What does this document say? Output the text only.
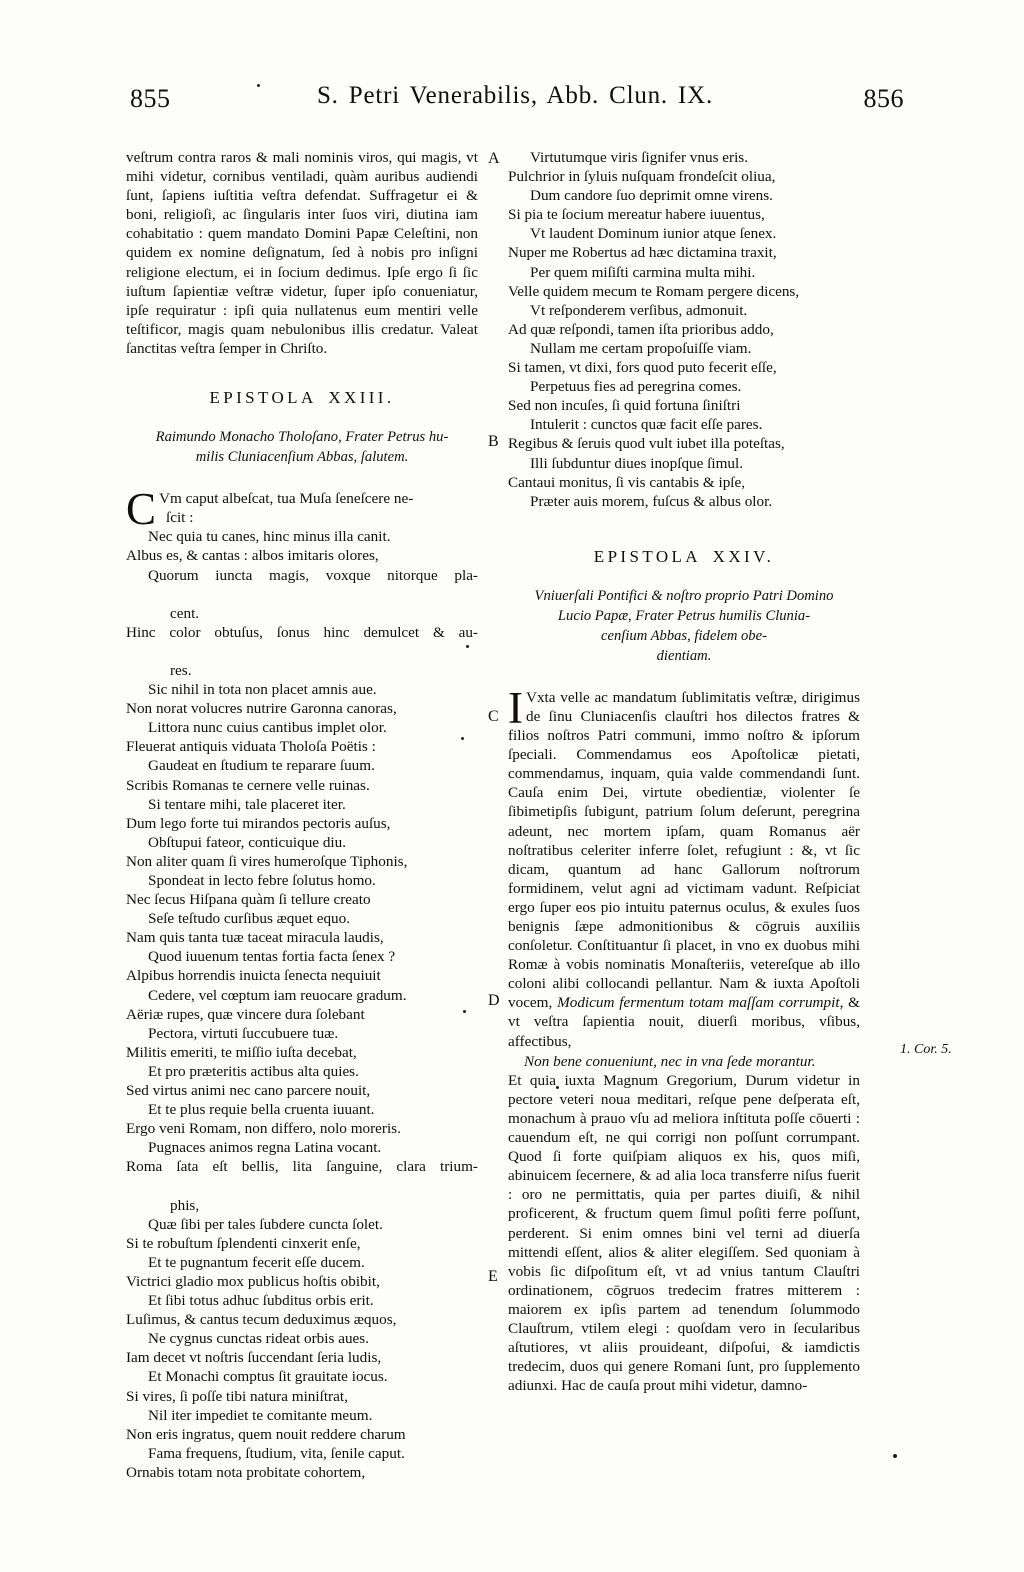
855	S. Petri Venerabilis, Abb. Clun. IX.	856
A
B
C
D
E
1. Cor. 5.

veſtrum contra raros & mali nominis viros, qui magis, vt mihi videtur, cornibus ventiladi, quàm auribus audiendi ſunt, ſapiens iuſtitia veſtra defendat. Suffragetur ei & boni, religioſi, ac ſingularis inter ſuos viri, diutina iam cohabitatio : quem mandato Domini Papæ Celeſtini, non quidem ex nomine deſignatum, ſed à nobis pro inſigni religione electum, ei in ſocium dedimus. Ipſe ergo ſi ſic iuſtum ſapientiæ veſtræ videtur, ſuper ipſo conueniatur, ipſe requiratur : ipſi quia nullatenus eum mentiri velle teſtificor, magis quam nebulonibus illis credatur. Valeat ſanctitas veſtra ſemper in Chriſto.

EPISTOLA XXIII.
Raimundo Monacho Tholoſano, Frater Petrus hu-
milis Cluniacenſium Abbas, ſalutem.
C Vm caput albeſcat, tua Muſa ſeneſcere ne-
ſcit :
Nec quia tu canes, hinc minus illa canit.
Albus es, & cantas : albos imitaris olores,
Quorum iuncta magis, voxque nitorque pla-
cent.
Hinc color obtuſus, ſonus hinc demulcet & au-
res.
Sic nihil in tota non placet amnis aue.
Non norat volucres nutrire Garonna canoras,
Littora nunc cuius cantibus implet olor.
Fleuerat antiquis viduata Tholoſa Poëtis :
Gaudeat en ſtudium te reparare ſuum.
Scribis Romanas te cernere velle ruinas.
Si tentare mihi, tale placeret iter.
Dum lego forte tui mirandos pectoris auſus,
Obſtupui fateor, conticuique diu.
Non aliter quam ſi vires humeroſque Tiphonis,
Spondeat in lecto febre ſolutus homo.
Nec ſecus Hiſpana quàm ſi tellure creato
Seſe teſtudo curſibus æquet equo.
Nam quis tanta tuæ taceat miracula laudis,
Quod iuuenum tentas fortia facta ſenex ?
Alpibus horrendis inuicta ſenecta nequiuit
Cedere, vel cœptum iam reuocare gradum.
Aëriæ rupes, quæ vincere dura ſolebant
Pectora, virtuti ſuccubuere tuæ.
Militis emeriti, te miſſio iuſta decebat,
Et pro præteritis actibus alta quies.
Sed virtus animi nec cano parcere nouit,
Et te plus requie bella cruenta iuuant.
Ergo veni Romam, non differo, nolo moreris.
Pugnaces animos regna Latina vocant.
Roma ſata eſt bellis, lita ſanguine, clara trium-
phis,
Quæ ſibi per tales ſubdere cuncta ſolet.
Si te robuſtum ſplendenti cinxerit enſe,
Et te pugnantum fecerit eſſe ducem.
Victrici gladio mox publicus hoſtis obibit,
Et ſibi totus adhuc ſubditus orbis erit.
Luſimus, & cantus tecum deduximus æquos,
Ne cygnus cunctas rideat orbis aues.
Iam decet vt noſtris ſuccendant ſeria ludis,
Et Monachi comptus ſit grauitate iocus.
Si vires, ſi poſſe tibi natura miniſtrat,
Nil iter impediet te comitante meum.
Non eris ingratus, quem nouit reddere charum
Fama frequens, ſtudium, vita, ſenile caput.
Ornabis totam nota probitate cohortem,
Virtutumque viris ſignifer vnus eris.
Pulchrior in ſyluis nuſquam frondeſcit oliua,
Dum candore ſuo deprimit omne virens.
Si pia te ſocium mereatur habere iuuentus,
Vt laudent Dominum iunior atque ſenex.
Nuper me Robertus ad hæc dictamina traxit,
Per quem miſiſti carmina multa mihi.
Velle quidem mecum te Romam pergere dicens,
Vt reſponderem verſibus, admonuit.
Ad quæ reſpondi, tamen iſta prioribus addo,
Nullam me certam propoſuiſſe viam.
Si tamen, vt dixi, fors quod puto fecerit eſſe,
Perpetuus fies ad peregrina comes.
Sed non incuſes, ſi quid fortuna ſiniſtri
Intulerit : cunctos quæ facit eſſe pares.
Regibus & ſeruis quod vult iubet illa poteſtas,
Illi ſubduntur diues inopſque ſimul.
Cantaui monitus, ſi vis cantabis & ipſe,
Præter auis morem, fuſcus & albus olor.
EPISTOLA XXIV.
Vniuerſali Pontifici & noſtro proprio Patri Domino
Lucio Papæ, Frater Petrus humilis Clunia-
cenſium Abbas, fidelem obe-
dientiam.
I Vxta velle ac mandatum ſublimitatis veſtræ, dirigimus de ſinu Cluniacenſis clauſtri hos dilectos fratres & filios noſtros Patri communi, immo noſtro & ipſorum ſpeciali. Commendamus eos Apoſtolicæ pietati, commendamus, inquam, quia valde commendandi ſunt. Cauſa enim Dei, virtute obedientiæ, violenter ſe ſibimetipſis ſubigunt, patrium ſolum deſerunt, peregrina adeunt, nec mortem ipſam, quam Romanus aër noſtratibus celeriter inferre ſolet, refugiunt : &, vt ſic dicam, quantum ad hanc Gallorum noſtrorum formidinem, velut agni ad victimam vadunt. Reſpiciat ergo ſuper eos pio intuitu paternus oculus, & exules ſuos benignis ſæpe admonitionibus & cōgruis auxiliis conſoletur. Conſtituantur ſi placet, in vno ex duobus mihi Romæ à vobis nominatis Monaſteriis, vetereſque ab illo coloni alibi collocandi pellantur. Nam & iuxta Apoſtoli vocem, Modicum fermentum totam maſſam corrumpit, & vt veſtra ſapientia nouit, diuerſi moribus, vſibus, affectibus,

Non bene conueniunt, nec in vna ſede morantur.

Et quia iuxta Magnum Gregorium, Durum videtur in pectore veteri noua meditari, reſque pene deſperata eſt, monachum à prauo vſu ad meliora inſtituta poſſe cōuerti : cauendum eſt, ne qui corrigi non poſſunt corrumpant. Quod ſi forte quiſpiam aliquos ex his, quos miſi, abinuicem ſecernere, & ad alia loca transferre niſus fuerit : oro ne permittatis, quia per partes diuiſi, & nihil proficerent, & fructum quem ſimul poſiti ferre poſſunt, perderent. Si enim omnes bini vel terni ad diuerſa mittendi eſſent, alios & aliter elegiſſem. Sed quoniam à vobis ſic diſpoſitum eſt, vt ad vnius tantum Clauſtri ordinationem, cōgruos tredecim fratres mitterem : maiorem ex ipſis partem ad tenendum ſolummodo Clauſtrum, vtilem elegi : quoſdam vero in ſecularibus aſtutiores, vt aliis prouideant, diſpoſui, & iamdictis tredecim, duos qui genere Romani ſunt, pro ſupplemento adiunxi. Hac de cauſa prout mihi videtur, damno-
